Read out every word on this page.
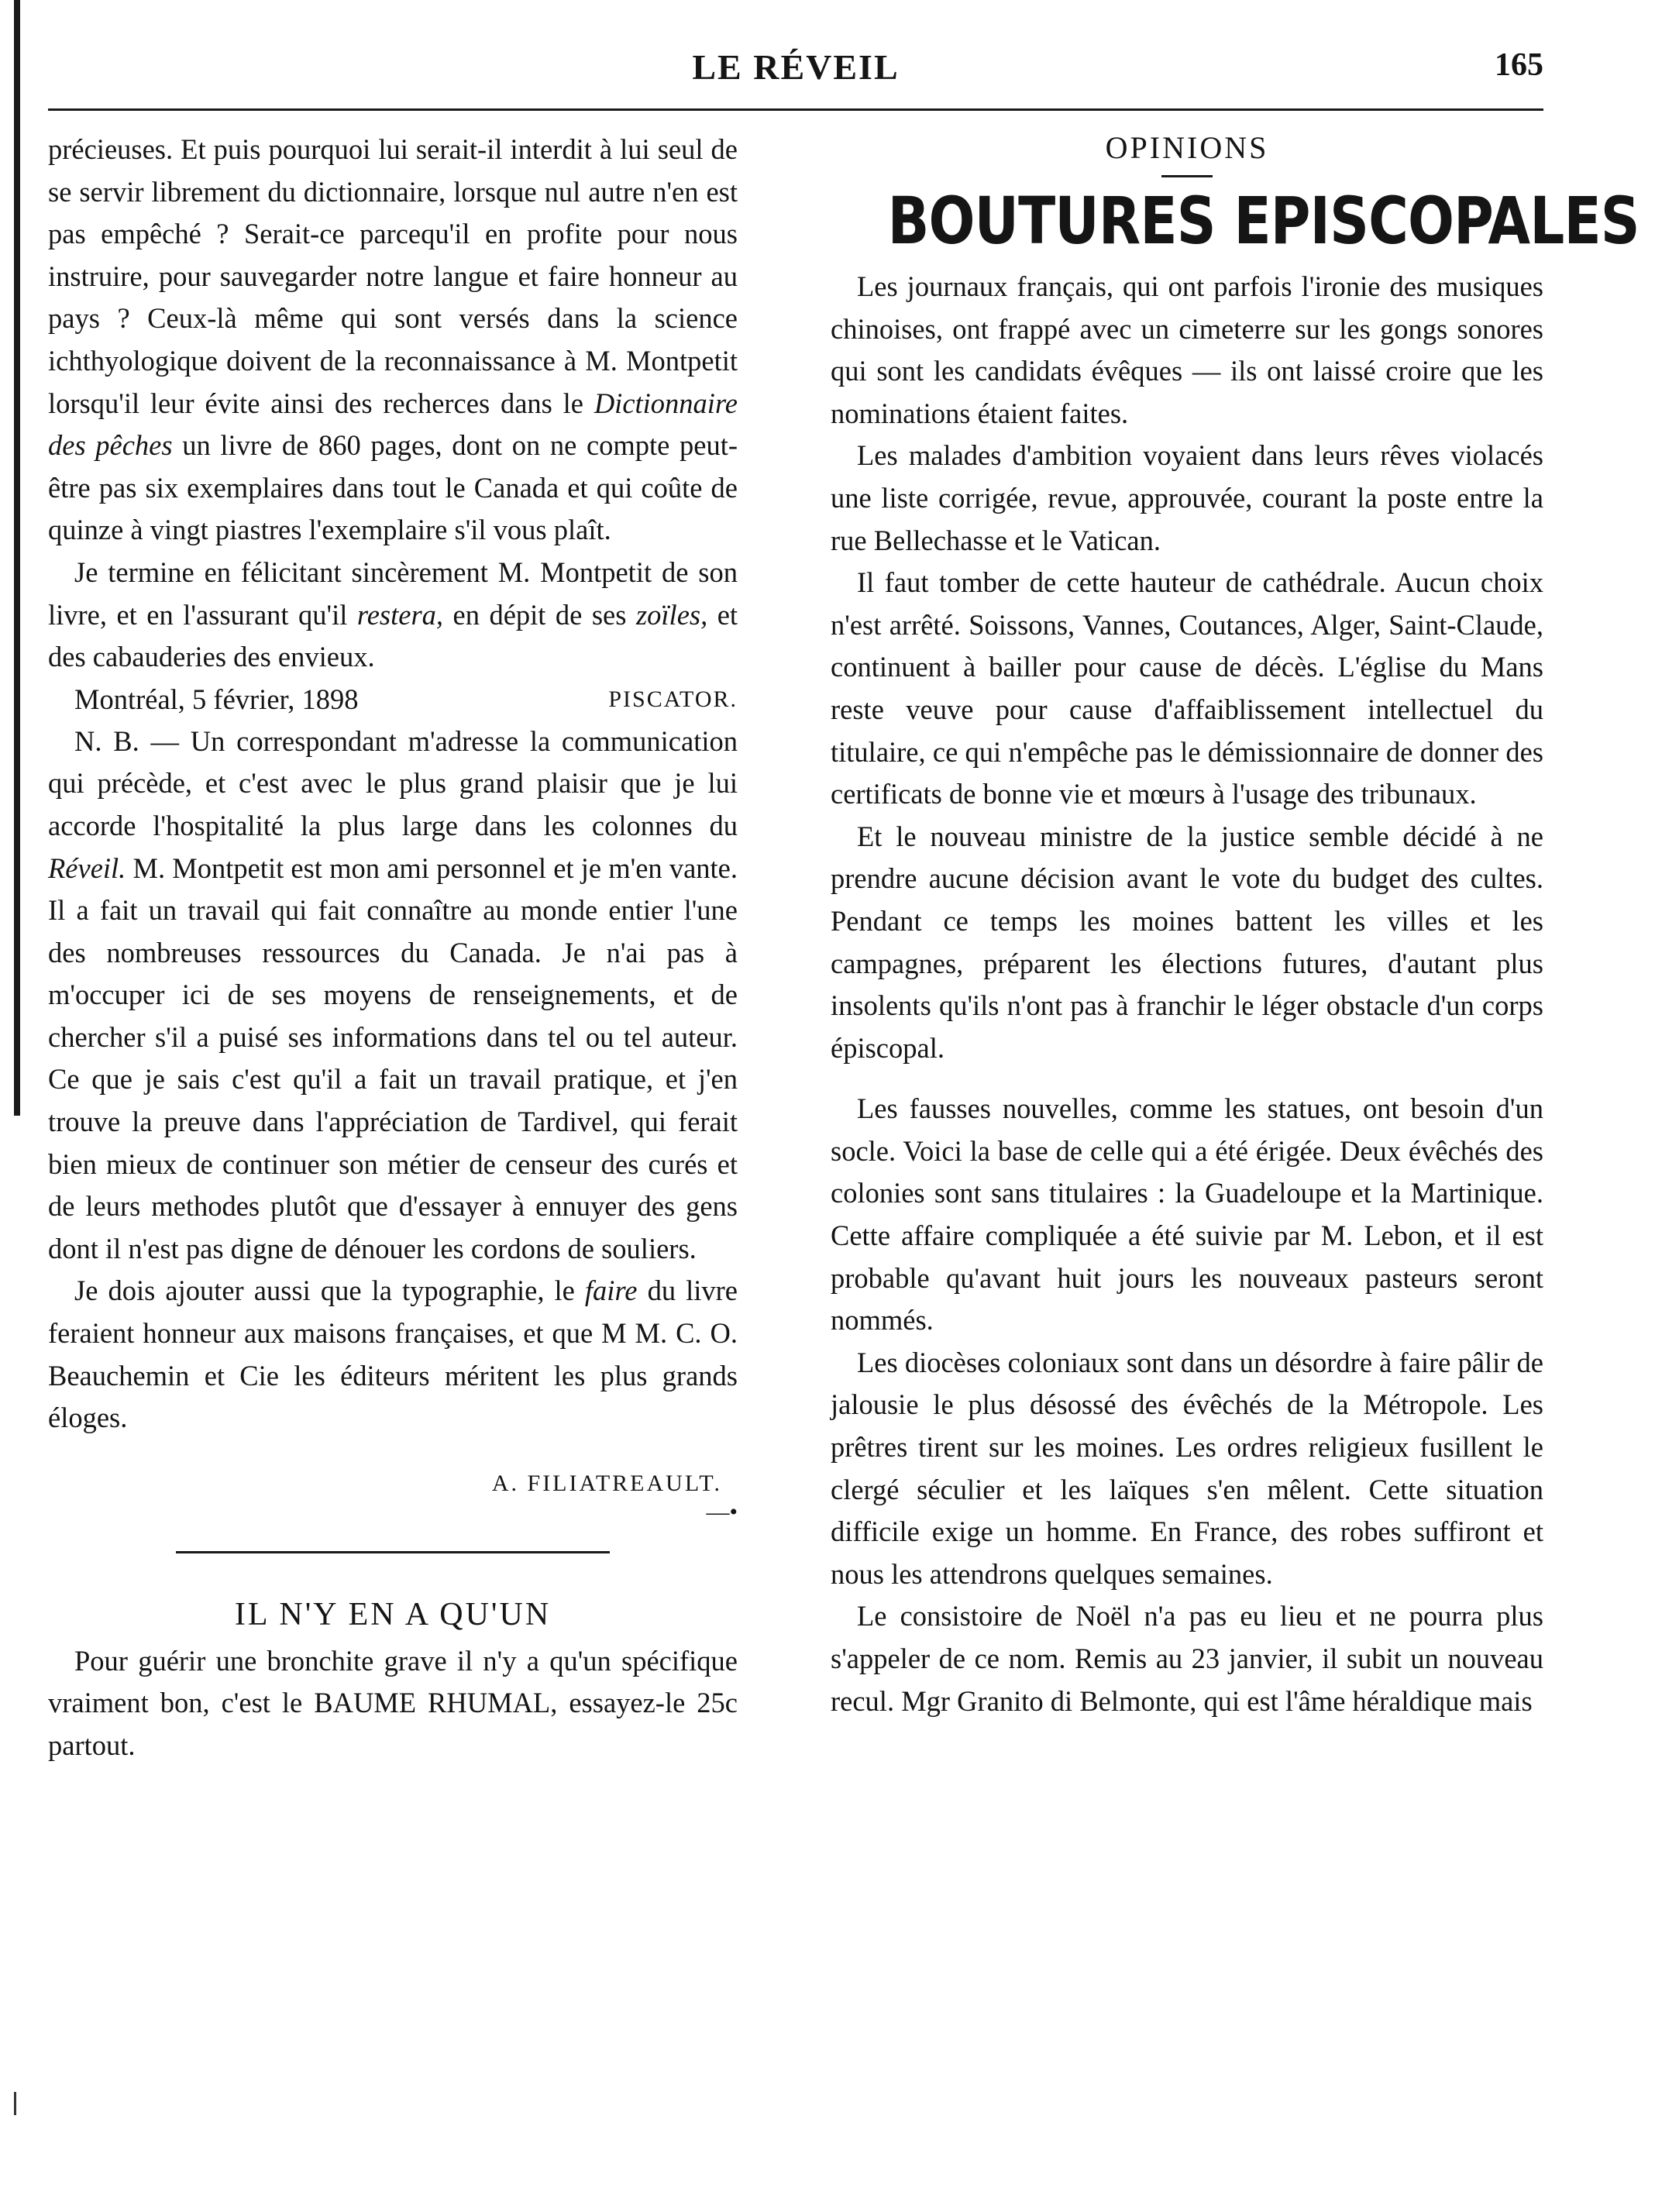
LE RÉVEIL	165

précieuses. Et puis pourquoi lui serait-il interdit à lui seul de se servir librement du dictionnaire, lorsque nul autre n'en est pas empêché ? Serait-ce parcequ'il en profite pour nous instruire, pour sauvegarder notre langue et faire honneur au pays ? Ceux-là même qui sont versés dans la science ichthyologique doivent de la reconnaissance à M. Montpetit lorsqu'il leur évite ainsi des recherces dans le Dictionnaire des pêches un livre de 860 pages, dont on ne compte peut-être pas six exemplaires dans tout le Canada et qui coûte de quinze à vingt piastres l'exemplaire s'il vous plaît.

Je termine en félicitant sincèrement M. Montpetit de son livre, et en l'assurant qu'il restera, en dépit de ses zoïles, et des cabauderies des envieux.

Montréal, 5 février, 1898	PISCATOR.

N. B. — Un correspondant m'adresse la communication qui précède, et c'est avec le plus grand plaisir que je lui accorde l'hospitalité la plus large dans les colonnes du Réveil. M. Montpetit est mon ami personnel et je m'en vante. Il a fait un travail qui fait connaître au monde entier l'une des nombreuses ressources du Canada. Je n'ai pas à m'occuper ici de ses moyens de renseignements, et de chercher s'il a puisé ses informations dans tel ou tel auteur. Ce que je sais c'est qu'il a fait un travail pratique, et j'en trouve la preuve dans l'appréciation de Tardivel, qui ferait bien mieux de continuer son métier de censeur des curés et de leurs methodes plutôt que d'essayer à ennuyer des gens dont il n'est pas digne de dénouer les cordons de souliers.

Je dois ajouter aussi que la typographie, le faire du livre feraient honneur aux maisons françaises, et que M M. C. O. Beauchemin et Cie les éditeurs méritent les plus grands éloges.

A. FILIATREAULT.
—•
IL N'Y EN A QU'UN

Pour guérir une bronchite grave il n'y a qu'un spécifique vraiment bon, c'est le BAUME RHUMAL, essayez-le 25c partout.

OPINIONS
BOUTURES EPISCOPALES

Les journaux français, qui ont parfois l'ironie des musiques chinoises, ont frappé avec un cimeterre sur les gongs sonores qui sont les candidats évêques — ils ont laissé croire que les nominations étaient faites.

Les malades d'ambition voyaient dans leurs rêves violacés une liste corrigée, revue, approuvée, courant la poste entre la rue Bellechasse et le Vatican.

Il faut tomber de cette hauteur de cathédrale. Aucun choix n'est arrêté. Soissons, Vannes, Coutances, Alger, Saint-Claude, continuent à bailler pour cause de décès. L'église du Mans reste veuve pour cause d'affaiblissement intellectuel du titulaire, ce qui n'empêche pas le démissionnaire de donner des certificats de bonne vie et mœurs à l'usage des tribunaux.

Et le nouveau ministre de la justice semble décidé à ne prendre aucune décision avant le vote du budget des cultes. Pendant ce temps les moines battent les villes et les campagnes, préparent les élections futures, d'autant plus insolents qu'ils n'ont pas à franchir le léger obstacle d'un corps épiscopal.

Les fausses nouvelles, comme les statues, ont besoin d'un socle. Voici la base de celle qui a été érigée. Deux évêchés des colonies sont sans titulaires : la Guadeloupe et la Martinique. Cette affaire compliquée a été suivie par M. Lebon, et il est probable qu'avant huit jours les nouveaux pasteurs seront nommés.

Les diocèses coloniaux sont dans un désordre à faire pâlir de jalousie le plus désossé des évêchés de la Métropole. Les prêtres tirent sur les moines. Les ordres religieux fusillent le clergé séculier et les laïques s'en mêlent. Cette situation difficile exige un homme. En France, des robes suffiront et nous les attendrons quelques semaines.

Le consistoire de Noël n'a pas eu lieu et ne pourra plus s'appeler de ce nom. Remis au 23 janvier, il subit un nouveau recul. Mgr Granito di Belmonte, qui est l'âme héraldique mais
